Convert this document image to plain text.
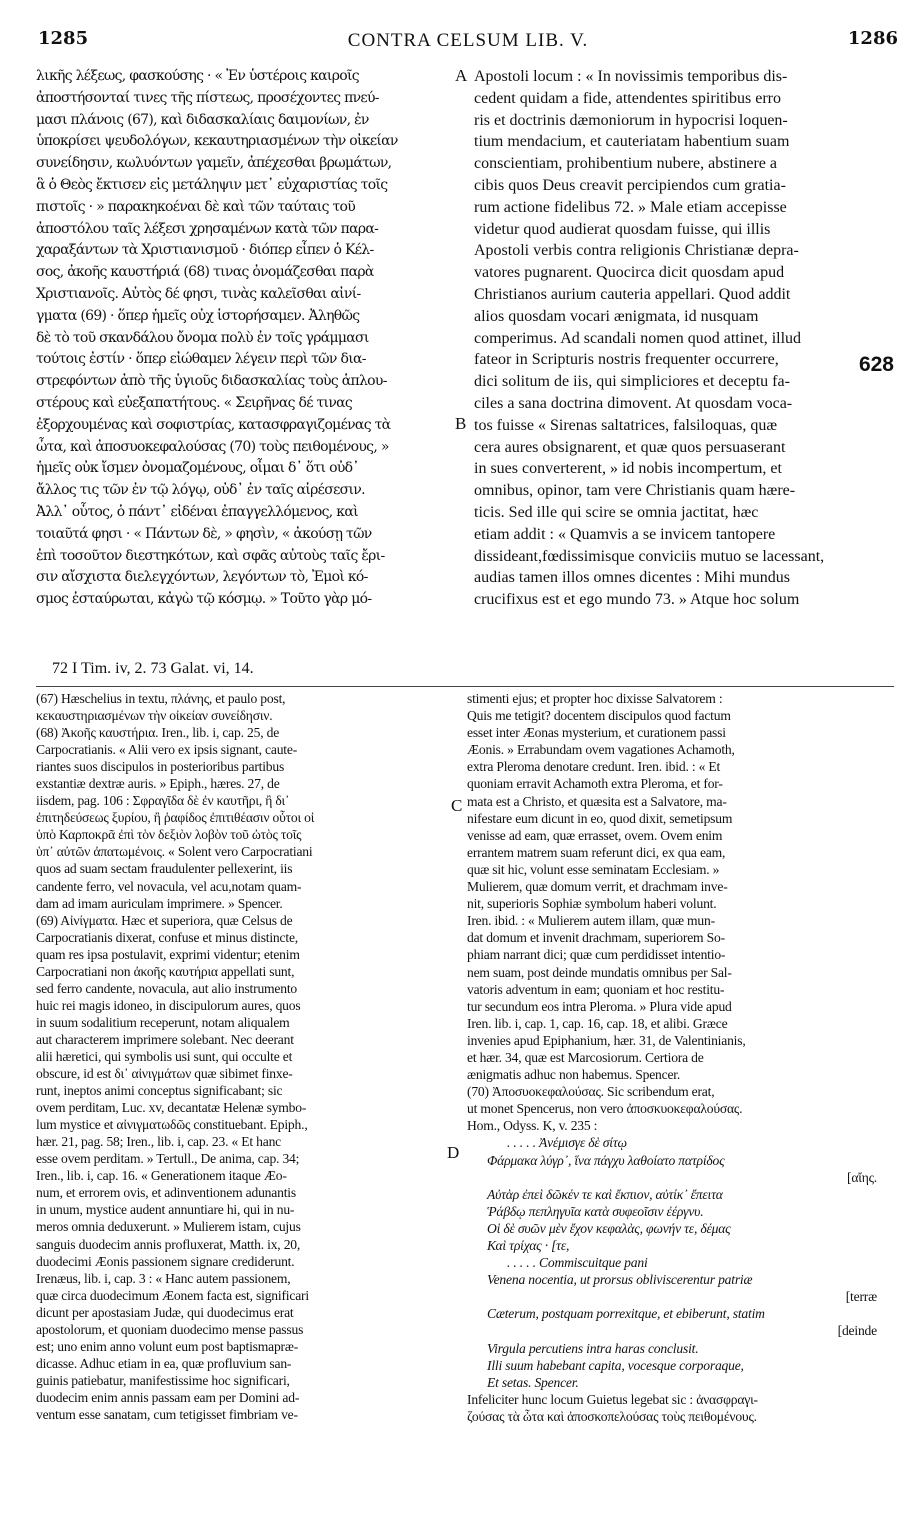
1285	CONTRA CELSUM LIB. V.	1286

λικῆς λέξεως, φασκούσης · « Ἐν ὑστέροις καιροῖς

ἀποστήσονταί τινες τῆς πίστεως, προσέχοντες πνεύ-

μασι πλάνοις (67), καὶ διδασκαλίαις δαιμονίων, ἐν

ὑποκρίσει ψευδολόγων, κεκαυτηριασμένων τὴν οἰκείαν

συνείδησιν, κωλυόντων γαμεῖν, ἀπέχεσθαι βρωμάτων,

ἃ ὁ Θεὸς ἔκτισεν εἰς μετάληψιν μετ᾽ εὐχαριστίας τοῖς

πιστοῖς · » παρακηκοέναι δὲ καὶ τῶν ταύταις τοῦ

ἀποστόλου ταῖς λέξεσι χρησαμένων κατὰ τῶν παρα-

χαραξάντων τὰ Χριστιανισμοῦ · διόπερ εἶπεν ὁ Κέλ-

σος, ἀκοῆς καυστήριά (68) τινας ὀνομάζεσθαι παρὰ

Χριστιανοῖς. Αὐτὸς δέ φησι, τινὰς καλεῖσθαι αἰνί-

γματα (69) · ὅπερ ἡμεῖς οὐχ ἱστορήσαμεν. Ἀληθῶς

δὲ τὸ τοῦ σκανδάλου ὄνομα πολὺ ἐν τοῖς γράμμασι

τούτοις ἐστίν · ὅπερ εἰώθαμεν λέγειν περὶ τῶν δια-

στρεφόντων ἀπὸ τῆς ὑγιοῦς διδασκαλίας τοὺς ἁπλου-

στέρους καὶ εὐεξαπατήτους. « Σειρῆνας δέ τινας

ἐξορχουμένας καὶ σοφιστρίας, κατασφραγιζομένας τὰ

ὦτα, καὶ ἀποσυοκεφαλούσας (70) τοὺς πειθομένους, »

ἡμεῖς οὐκ ἴσμεν ὀνομαζομένους, οἶμαι δ᾽ ὅτι οὐδ᾽

ἄλλος τις τῶν ἐν τῷ λόγῳ, οὐδ᾽ ἐν ταῖς αἱρέσεσιν.

Ἀλλ᾽ οὗτος, ὁ πάντ᾽ εἰδέναι ἐπαγγελλόμενος, καὶ

τοιαῦτά φησι · « Πάντων δὲ, » φησὶν, « ἀκούσῃ τῶν

ἐπὶ τοσοῦτον διεστηκότων, καὶ σφᾶς αὐτοὺς ταῖς ἔρι-

σιν αἴσχιστα διελεγχόντων, λεγόντων τὸ, Ἐμοὶ κό-

σμος ἐσταύρωται, κἀγὼ τῷ κόσμῳ. » Τοῦτο γὰρ μό-

Apostoli locum : « In novissimis temporibus dis-

cedent quidam a fide, attendentes spiritibus erro

ris et doctrinis dæmoniorum in hypocrisi loquen-

tium mendacium, et cauteriatam habentium suam

conscientiam, prohibentium nubere, abstinere a

cibis quos Deus creavit percipiendos cum gratia-

rum actione fidelibus 72. » Male etiam accepisse

videtur quod audierat quosdam fuisse, qui illis

Apostoli verbis contra religionis Christianæ depra-

vatores pugnarent. Quocirca dicit quosdam apud

Christianos aurium cauteria appellari. Quod addit

alios quosdam vocari ænigmata, id nusquam

comperimus. Ad scandali nomen quod attinet, illud

fateor in Scripturis nostris frequenter occurrere,

dici solitum de iis, qui simpliciores et deceptu fa-

ciles a sana doctrina dimovent. At quosdam voca-

tos fuisse « Sirenas saltatrices, falsiloquas, quæ

cera aures obsignarent, et quæ quos persuaserant

in sues converterent, » id nobis incompertum, et

omnibus, opinor, tam vere Christianis quam hære-

ticis. Sed ille qui scire se omnia jactitat, hæc

etiam addit : « Quamvis a se invicem tantopere

dissideant,fœdissimisque conviciis mutuo se lacessant,

audias tamen illos omnes dicentes : Mihi mundus

crucifixus est et ego mundo 73. » Atque hoc solum

A
B
C
D
628
72 I Tim. iv, 2. 73 Galat. vi, 14.

(67) Hæschelius in textu, πλάνης, et paulo post,

κεκαυστηριασμένων τὴν οἰκείαν συνείδησιν.

(68) Ἀκοῆς καυστήρια. Iren., lib. i, cap. 25, de

Carpocratianis. « Alii vero ex ipsis signant, caute-

riantes suos discipulos in posterioribus partibus

exstantiæ dextræ auris. » Epiph., hæres. 27, de

iisdem, pag. 106 : Σφραγῖδα δὲ ἐν καυτῆρι, ἢ δι᾽

ἐπιτηδεύσεως ξυρίου, ἢ ῥαφίδος ἐπιτιθέασιν οὗτοι οἱ

ὑπὸ Καρποκρᾶ ἐπὶ τὸν δεξιὸν λοβὸν τοῦ ὠτὸς τοῖς

ὑπ᾽ αὐτῶν ἀπατωμένοις. « Solent vero Carpocratiani

quos ad suam sectam fraudulenter pellexerint, iis

candente ferro, vel novacula, vel acu,notam quam-

dam ad imam auriculam imprimere. » Spencer.

(69) Αἰνίγματα. Hæc et superiora, quæ Celsus de

Carpocratianis dixerat, confuse et minus distincte,

quam res ipsa postulavit, exprimi videntur; etenim

Carpocratiani non ἀκοῆς καυτήρια appellati sunt,

sed ferro candente, novacula, aut alio instrumento

huic rei magis idoneo, in discipulorum aures, quos

in suum sodalitium receperunt, notam aliqualem

aut characterem imprimere solebant. Nec deerant

alii hæretici, qui symbolis usi sunt, qui occulte et

obscure, id est δι᾽ αἰνιγμάτων quæ sibimet finxe-

runt, ineptos animi conceptus significabant; sic

ovem perditam, Luc. xv, decantatæ Helenæ symbo-

lum mystice et αἰνιγματωδῶς constituebant. Epiph.,

hær. 21, pag. 58; Iren., lib. i, cap. 23. « Et hanc

esse ovem perditam. » Tertull., De anima, cap. 34;

Iren., lib. i, cap. 16. « Generationem itaque Æo-

num, et errorem ovis, et adinventionem adunantis

in unum, mystice audent annuntiare hi, qui in nu-

meros omnia deduxerunt. » Mulierem istam, cujus

sanguis duodecim annis profluxerat, Matth. ix, 20,

duodecimi Æonis passionem signare crediderunt.

Irenæus, lib. i, cap. 3 : « Hanc autem passionem,

quæ circa duodecimum Æonem facta est, significari

dicunt per apostasiam Judæ, qui duodecimus erat

apostolorum, et quoniam duodecimo mense passus

est; uno enim anno volunt eum post baptismapræ-

dicasse. Adhuc etiam in ea, quæ profluvium san-

guinis patiebatur, manifestissime hoc significari,

duodecim enim annis passam eam per Domini ad-

ventum esse sanatam, cum tetigisset fimbriam ve-

stimenti ejus; et propter hoc dixisse Salvatorem :

Quis me tetigit? docentem discipulos quod factum

esset inter Æonas mysterium, et curationem passi

Æonis. » Errabundam ovem vagationes Achamoth,

extra Pleroma denotare credunt. Iren. ibid. : « Et

quoniam erravit Achamoth extra Pleroma, et for-

mata est a Christo, et quæsita est a Salvatore, ma-

nifestare eum dicunt in eo, quod dixit, semetipsum

venisse ad eam, quæ errasset, ovem. Ovem enim

errantem matrem suam referunt dici, ex qua eam,

quæ sit hic, volunt esse seminatam Ecclesiam. »

Mulierem, quæ domum verrit, et drachmam inve-

nit, superioris Sophiæ symbolum haberi volunt.

Iren. ibid. : « Mulierem autem illam, quæ mun-

dat domum et invenit drachmam, superiorem So-

phiam narrant dici; quæ cum perdidisset intentio-

nem suam, post deinde mundatis omnibus per Sal-

vatoris adventum in eam; quoniam et hoc restitu-

tur secundum eos intra Pleroma. » Plura vide apud

Iren. lib. i, cap. 1, cap. 16, cap. 18, et alibi. Græce

invenies apud Epiphanium, hær. 31, de Valentinianis,

et hær. 34, quæ est Marcosiorum. Certiora de

ænigmatis adhuc non habemus. Spencer.

(70) Ἀποσυοκεφαλούσας. Sic scribendum erat,

ut monet Spencerus, non vero ἀποσκυοκεφαλούσας.

Hom., Odyss. K, v. 235 :

. . . . . Ἀνέμισγε δὲ σίτῳ

Φάρμακα λύγρ᾽, ἵνα πάγχυ λαθοίατο πατρίδος

[αἴης.

Αὐτὰρ ἐπεὶ δῶκέν τε καὶ ἔκπιον, αὐτίκ᾽ ἔπειτα

Ῥάβδῳ πεπληγυῖα κατὰ συφεοῖσιν ἐέργνυ.

Οἱ δὲ συῶν μὲν ἔχον κεφαλὰς, φωνήν τε, δέμας

Καὶ τρίχας · [τε,

. . . . . Commiscuitque pani

Venena nocentia, ut prorsus obliviscerentur patriæ

[terræ

Cæterum, postquam porrexitque, et ebiberunt, statim

[deinde

Virgula percutiens intra haras conclusit.

Illi suum habebant capita, vocesque corporaque,

Et setas. Spencer.

Infeliciter hunc locum Guietus legebat sic : ἀνασφραγι-

ζούσας τὰ ὦτα καὶ ἀποσκοπελούσας τοὺς πειθομένους.
